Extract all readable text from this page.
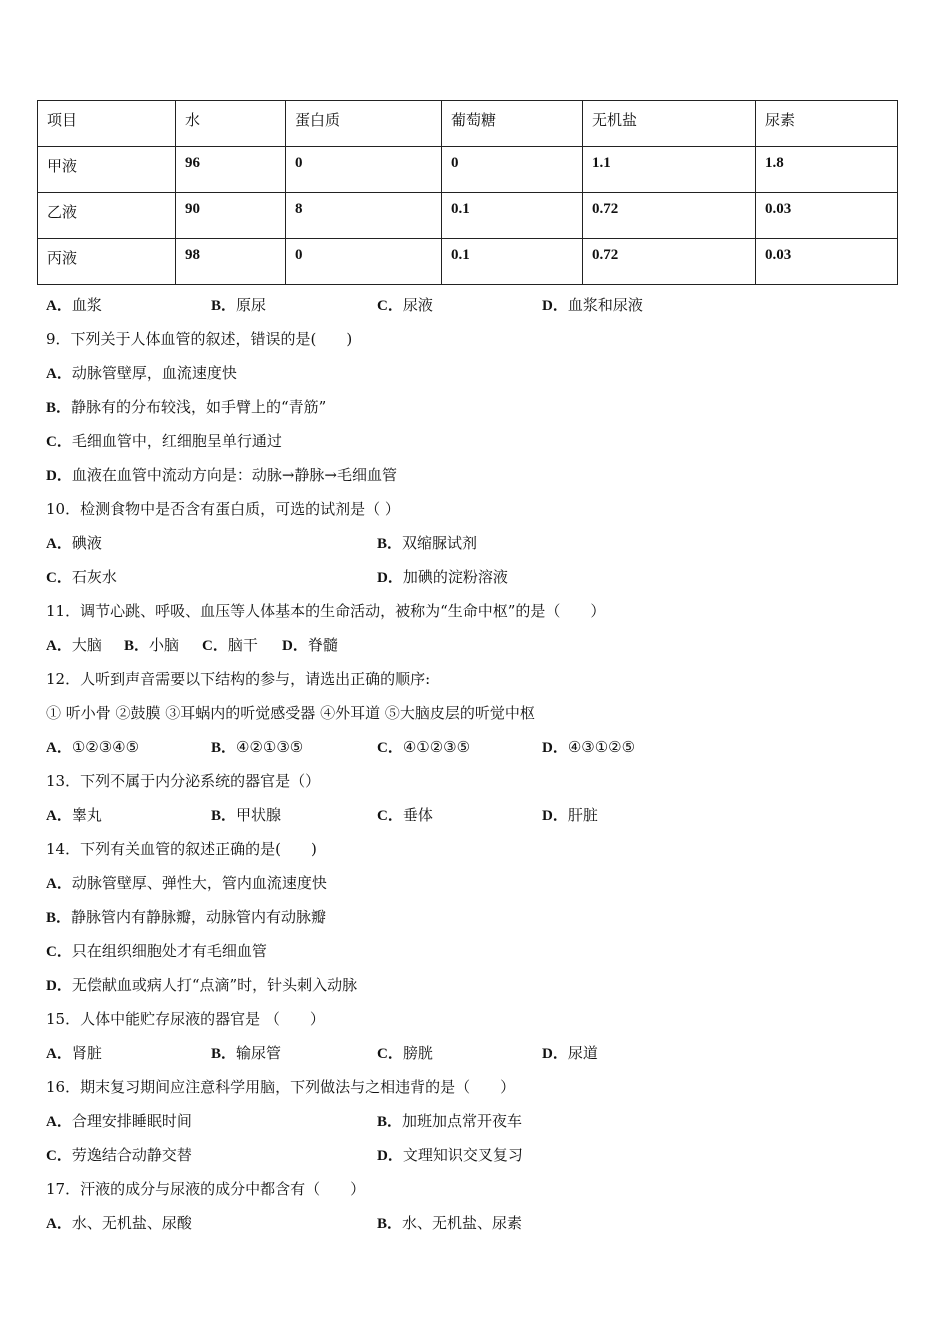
项目	水	蛋白质	葡萄糖	无机盐	尿素
甲液	96	0	0	1.1	1.8
乙液	90	8	0.1	0.72	0.03
丙液	98	0	0.1	0.72	0.03
A．血浆	B．原尿	C．尿液	D．血浆和尿液
9．下列关于人体血管的叙述，错误的是(　　)
A．动脉管壁厚，血流速度快
B．静脉有的分布较浅，如手臂上的“青筋”
C．毛细血管中，红细胞呈单行通过
D．血液在血管中流动方向是：动脉→静脉→毛细血管
10．检测食物中是否含有蛋白质，可选的试剂是（ ）
A．碘液	B．双缩脲试剂
C．石灰水	D．加碘的淀粉溶液
11．调节心跳、呼吸、血压等人体基本的生命活动，被称为“生命中枢”的是（　　）
A．大脑 B．小脑 C．脑干 D．脊髓
12．人听到声音需要以下结构的参与，请选出正确的顺序:
① 听小骨 ②鼓膜 ③耳蜗内的听觉感受器 ④外耳道 ⑤大脑皮层的听觉中枢
A．①②③④⑤	B．④②①③⑤	C．④①②③⑤	D．④③①②⑤
13．下列不属于内分泌系统的器官是（）
A．睾丸	B．甲状腺	C．垂体	D．肝脏
14．下列有关血管的叙述正确的是(　　)
A．动脉管壁厚、弹性大，管内血流速度快
B．静脉管内有静脉瓣，动脉管内有动脉瓣
C．只在组织细胞处才有毛细血管
D．无偿献血或病人打“点滴”时，针头刺入动脉
15．人体中能贮存尿液的器官是 （　　）
A．肾脏	B．输尿管	C．膀胱	D．尿道
16．期末复习期间应注意科学用脑，下列做法与之相违背的是（　　）
A．合理安排睡眠时间	B．加班加点常开夜车
C．劳逸结合动静交替	D．文理知识交叉复习
17．汗液的成分与尿液的成分中都含有（　　）
A．水、无机盐、尿酸	B．水、无机盐、尿素
